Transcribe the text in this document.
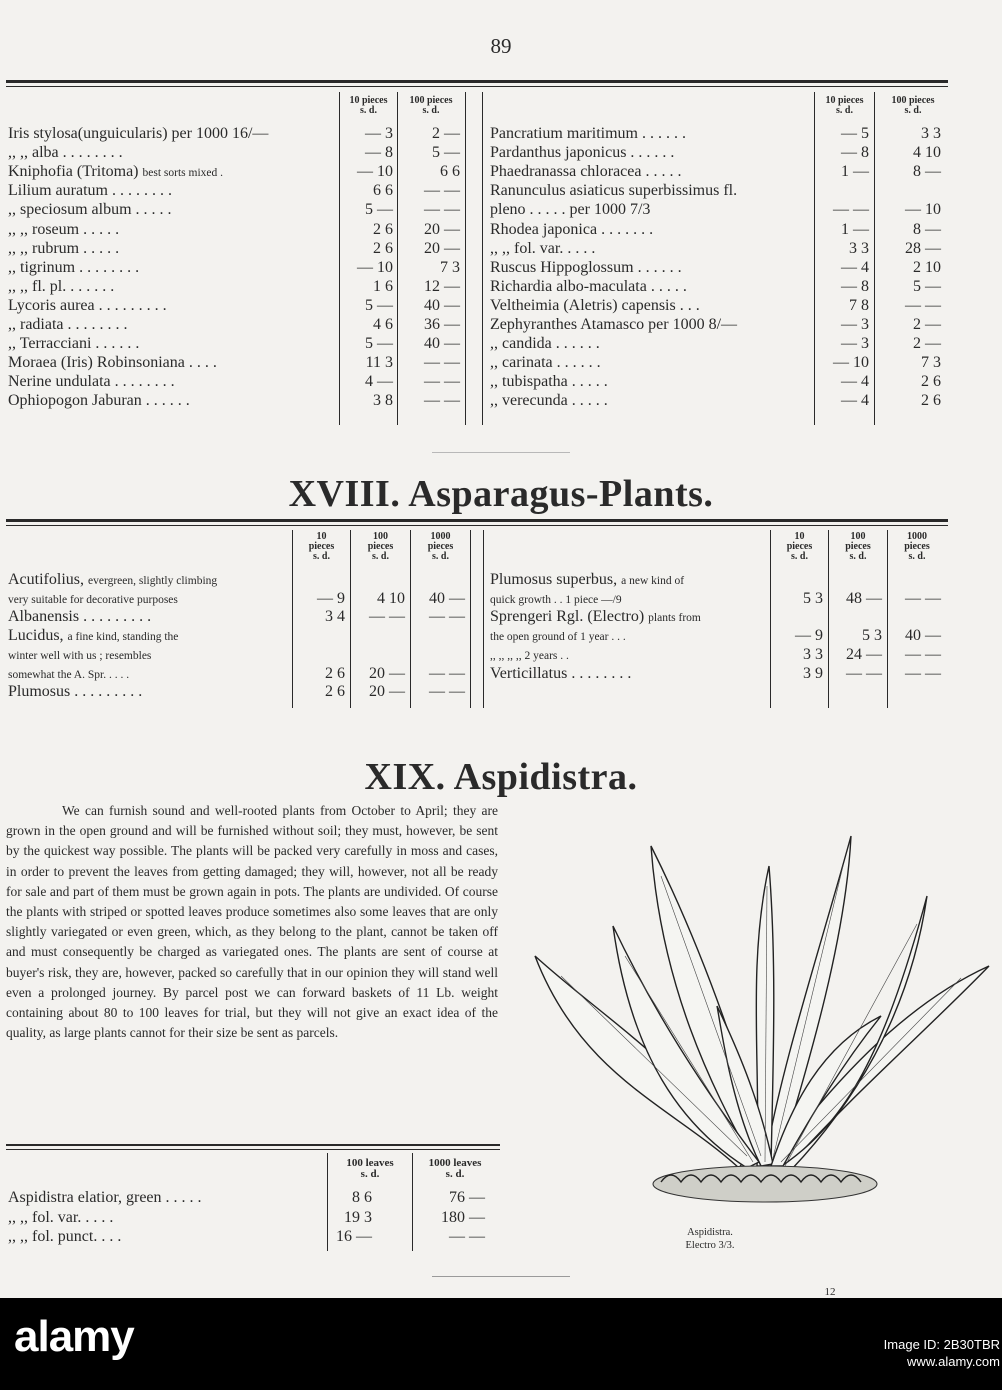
89
10 pieces
s. d.
100 pieces
s. d.
10 pieces
s. d.
100 pieces
s. d.
Iris stylosa(unguicularis) per 1000 16/—	— 3	2 —
,, ,, alba . . . . . . . .	— 8	5 —
Kniphofia (Tritoma) best sorts mixed .	— 10	6 6
Lilium auratum . . . . . . . .	6 6	— —
,, speciosum album . . . . .	5 —	— —
,, ,, roseum . . . . .	2 6	20 —
,, ,, rubrum . . . . .	2 6	20 —
,, tigrinum . . . . . . . .	— 10	7 3
,, ,, fl. pl. . . . . . .	1 6	12 —
Lycoris aurea . . . . . . . . .	5 —	40 —
,, radiata . . . . . . . .	4 6	36 —
,, Terracciani . . . . . .	5 —	40 —
Moraea (Iris) Robinsoniana . . . .	11 3	— —
Nerine undulata . . . . . . . .	4 —	— —
Ophiopogon Jaburan . . . . . .	3 8	— —
Pancratium maritimum . . . . . .	— 5	3 3
Pardanthus japonicus . . . . . .	— 8	4 10
Phaedranassa chloracea . . . . .	1 —	8 —
Ranunculus asiaticus superbissimus fl.
pleno . . . . . per 1000 7/3	— —	— 10
Rhodea japonica . . . . . . .	1 —	8 —
,, ,, fol. var. . . . .	3 3	28 —
Ruscus Hippoglossum . . . . . .	— 4	2 10
Richardia albo-maculata . . . . .	— 8	5 —
Veltheimia (Aletris) capensis . . .	7 8	— —
Zephyranthes Atamasco per 1000 8/—	— 3	2 —
,, candida . . . . . .	— 3	2 —
,, carinata . . . . . .	— 10	7 3
,, tubispatha . . . . .	— 4	2 6
,, verecunda . . . . .	— 4	2 6
XVIII. Asparagus-Plants.
10
pieces
s. d.
100
pieces
s. d.
1000
pieces
s. d.
10
pieces
s. d.
100
pieces
s. d.
1000
pieces
s. d.
Acutifolius, evergreen, slightly climbing
very suitable for decorative purposes	— 9	4 10	40 —
Albanensis . . . . . . . . .	3 4	— —	— —
Lucidus, a fine kind, standing the
winter well with us ; resembles
somewhat the A. Spr. . . . .	2 6	20 —	— —
Plumosus . . . . . . . . .	2 6	20 —	— —
Plumosus superbus, a new kind of
quick growth . . 1 piece —/9	5 3	48 —	— —
Sprengeri Rgl. (Electro) plants from
the open ground of 1 year . . .	— 9	5 3	40 —
,, ,, ,, ,, 2 years . .	3 3	24 —	— —
Verticillatus . . . . . . . .	3 9	— —	— —
XIX. Aspidistra.

We can furnish sound and well-rooted plants from October to April; they are grown in the open ground and will be furnished without soil; they must, however, be sent by the quickest way possible. The plants will be packed very carefully in moss and cases, in order to prevent the leaves from getting damaged; they will, however, not all be ready for sale and part of them must be grown again in pots. The plants are undivided. Of course the plants with striped or spotted leaves produce sometimes also some leaves that are only slightly variegated or even green, which, as they belong to the plant, cannot be taken off and must consequently be charged as variegated ones. The plants are sent of course at buyer's risk, they are, however, packed so carefully that in our opinion they will stand well even a prolonged journey. By parcel post we can forward baskets of 11 Lb. weight containing about 80 to 100 leaves for trial, but they will not give an exact idea of the quality, as large plants cannot for their size be sent as parcels.

100 leaves
s. d.
1000 leaves
s. d.
Aspidistra elatior, green . . . . .	8 6	76 —
,, ,, fol. var. . . . .	19 3	180 —
,, ,, fol. punct. . . .	16 —	— —	Aspidistra.
Electro 3/3.
12
alamy	Image ID: 2B30TBR
www.alamy.com
